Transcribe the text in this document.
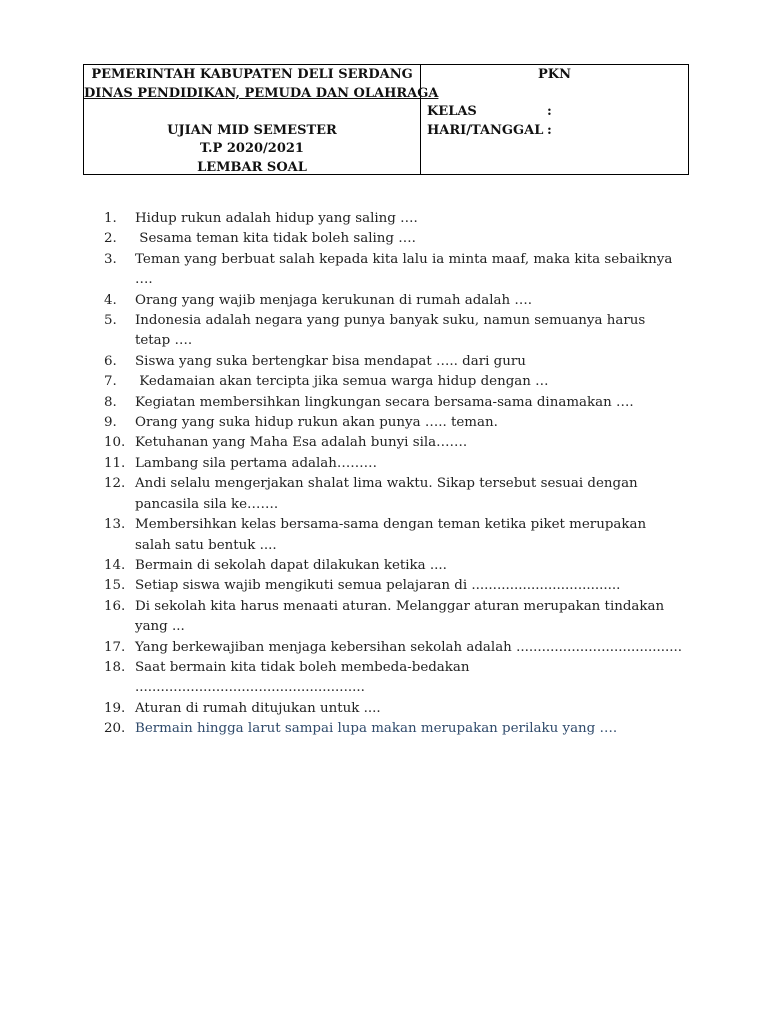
PEMERINTAH KABUPATEN DELI SERDANG
DINAS PENDIDIKAN, PEMUDA DAN OLAHRAGA
UJIAN MID SEMESTER
T.P 2020/2021
LEMBAR SOAL
PKN
KELAS	:
HARI/TANGGAL :
1.	Hidup rukun adalah hidup yang saling ….
2.	Sesama teman kita tidak boleh saling ….
3.	Teman yang berbuat salah kepada kita lalu ia minta maaf, maka kita sebaiknya ….
4.	Orang yang wajib menjaga kerukunan di rumah adalah ….
5.	Indonesia adalah negara yang punya banyak suku, namun semuanya harus tetap ….
6.	Siswa yang suka bertengkar bisa mendapat ….. dari guru
7.	Kedamaian akan tercipta jika semua warga hidup dengan …
8.	Kegiatan membersihkan lingkungan secara bersama-sama dinamakan ….
9.	Orang yang suka hidup rukun akan punya ….. teman.
10. Ketuhanan yang Maha Esa adalah bunyi sila…….
11. Lambang sila pertama adalah………
12. Andi selalu mengerjakan shalat lima waktu. Sikap tersebut sesuai dengan pancasila sila ke…….
13. Membersihkan kelas bersama-sama dengan teman ketika piket merupakan salah satu bentuk ....
14. Bermain di sekolah dapat dilakukan ketika ....
15. Setiap siswa wajib mengikuti semua pelajaran di ...................................
16. Di sekolah kita harus menaati aturan. Melanggar aturan merupakan tindakan yang ...
17. Yang berkewajiban menjaga kebersihan sekolah adalah .......................................
18. Saat bermain kita tidak boleh membeda-bedakan ......................................................
19. Aturan di rumah ditujukan untuk ....
20. Bermain hingga larut sampai lupa makan merupakan perilaku yang ….
